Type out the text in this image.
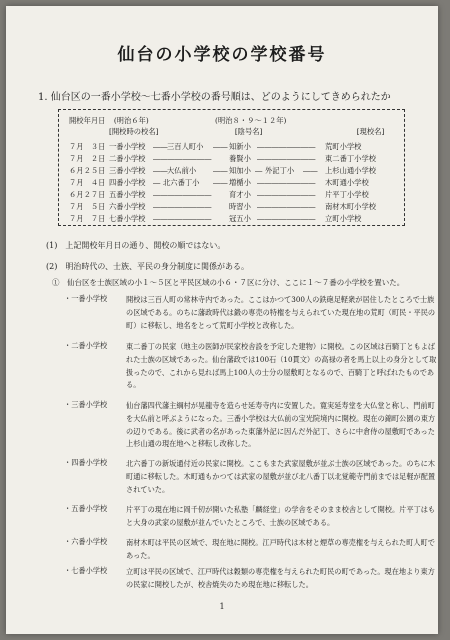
仙台の小学校の学校番号
1. 仙台区の一番小学校～七番小学校の番号順は、どのようにしてきめられたか
開校年月日 (明治６年)	(明治８・９～１２年)
[開校時の校名]	[陰号名]	[現校名]
７月　３日 一番小学校 ―― 三百人町小 ―― 知新小 ―――――――― 荒町小学校
７月　２日 二番小学校 ―――――――― 養賢小 ―――――――― 東二番丁小学校
６月２５日 三番小学校 ―― 大仏前小 ―― 知加小 ― 外記丁小 ―― 上杉山通小学校
７月　４日 四番小学校 ― 北六番丁小 ―― 増楯小 ―――――――― 木町通小学校
６月２７日 五番小学校 ―――――――― 育才小 ―――――――― 片平丁小学校
７月　５日 六番小学校 ―――――――― 時習小 ―――――――― 南材木町小学校
７月　７日 七番小学校 ―――――――― 冠五小 ―――――――― 立町小学校
(1)　上記開校年月日の通り、開校の順ではない。
(2)　明治時代の、士族、平民の身分制度に関係がある。
①　仙台区を士族区域の小１～５区と平民区域の小６・７区に分け、ここに１～７番の小学校を置いた。
・一番小学校	開校は三百人町の常林寺内であった。ここはかつて300人の鉄砲足軽衆が居住したところで士族の区域である。のちに藩政時代は鍛の専売の特権を与えられていた現在地の荒町（町民・平民の町）に移転し、地名をとって荒町小学校と改称した。
・二番小学校	東二番丁の民家（地主の医師が民家校舎設を予定した建物）に開校。この区域は百騎丁ともよばれた士族の区域であった。仙台藩政では100石（10貫文）の高禄の者を馬上以上の身分として取扱ったので、これから見れば馬上100人の士分の屋敷町となるので、百騎丁と呼ばれたものである。
・三番小学校	仙台藩四代藩主綱村が晃龍寺を造らせ延寿寺内に安置した。寛実延寿堂を大仏堂と称し、門前町を大仏前と呼ぶようになった。三番小学校は大仏前の宝光院境内に開校。現在の錦町公園の東方の辺りである。後に武者の名があった東藩外記に因んだ外記丁、さらに中倉侍の屋敷町であった上杉山通の現在地へと移転し改称した。
・四番小学校	北六番丁の新坂通付近の民家に開校。ここもまた武家屋敷が並ぶ士族の区域であった。のちに木町通に移転した。木町通もかつては武家の屋敷が並び北八番丁以北覚範寺門前までは足軽が配置されていた。
・五番小学校	片平丁の現在地に岡千仞が開いた私塾「麟経堂」の学舎をそのまま校舎として開校。片平丁はもと大身の武家の屋敷が並んでいたところで、士族の区域である。
・六番小学校	南材木町は平民の区域で、現在地に開校。江戸時代は木材と煙草の専売権を与えられた町人町であった。
・七番小学校	立町は平民の区域で、江戸時代は穀類の専売権を与えられた町民の町であった。現在地より東方の民家に開校したが、校舎焼失のため現在地に移転した。
1
